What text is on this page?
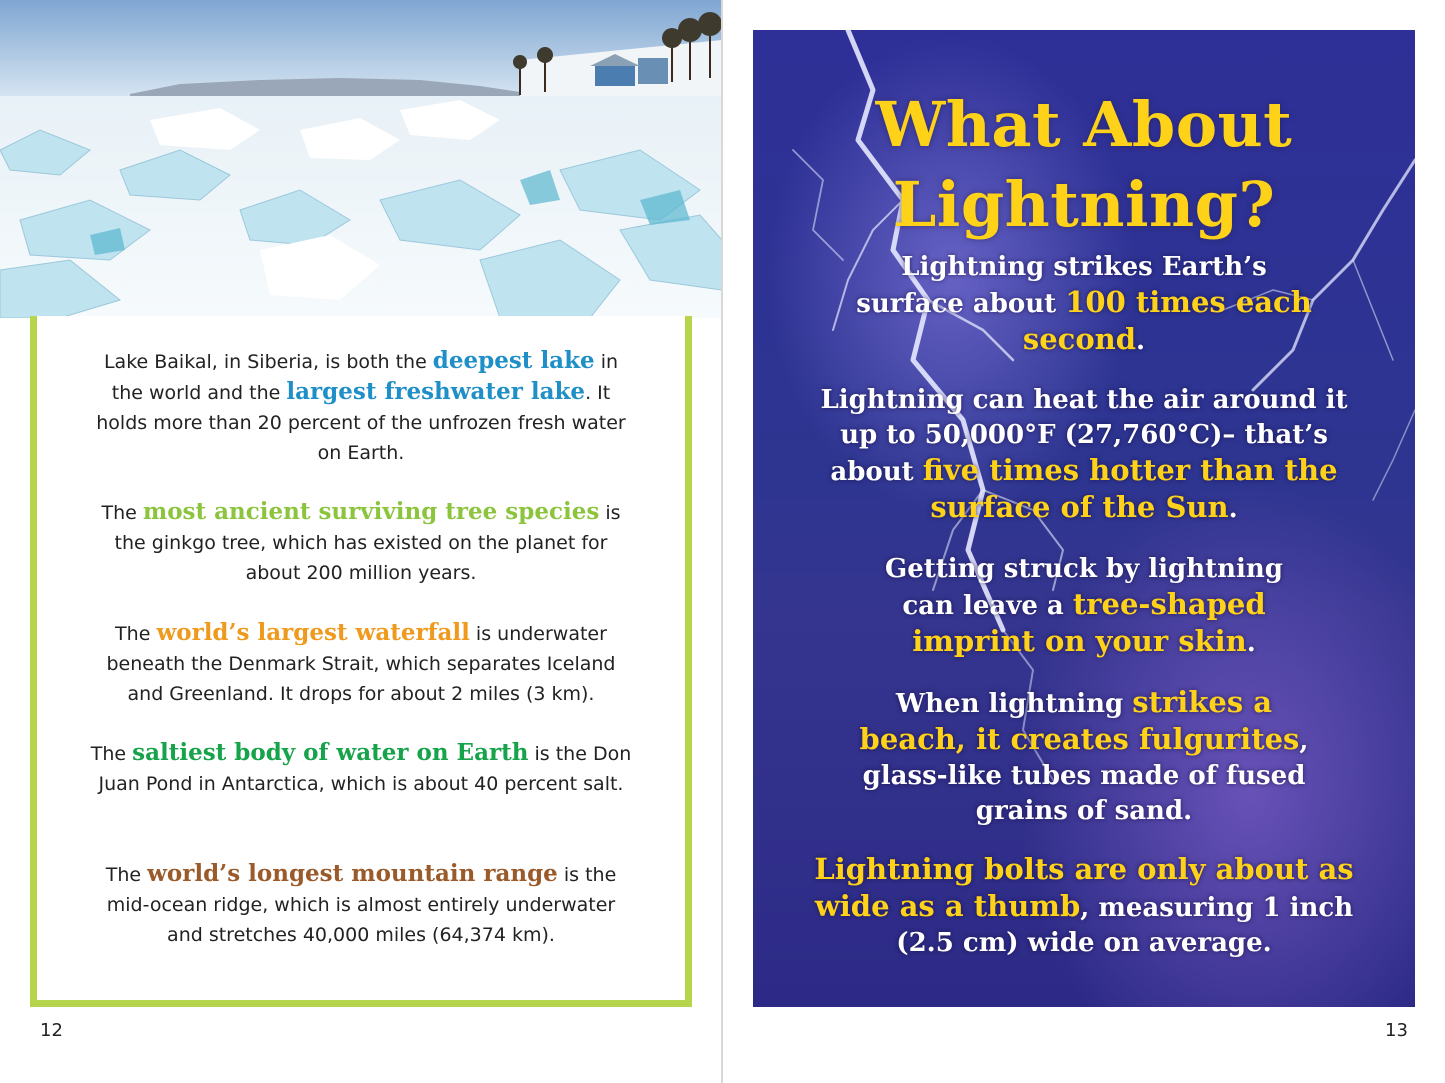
Lake Baikal, in Siberia, is both the deepest lake in the world and the largest freshwater lake. It holds more than 20 percent of the unfrozen fresh water on Earth.
The most ancient surviving tree species is the ginkgo tree, which has existed on the planet for about 200 million years.
The world’s largest waterfall is underwater beneath the Denmark Strait, which separates Iceland and Greenland. It drops for about 2 miles (3 km).
The saltiest body of water on Earth is the Don Juan Pond in Antarctica, which is about 40 percent salt.
The world’s longest mountain range is the mid-ocean ridge, which is almost entirely underwater and stretches 40,000 miles (64,374 km).
12
What About
Lightning?
Lightning strikes Earth’s surface about 100 times each second.
Lightning can heat the air around it up to 50,000°F (27,760°C)– that’s about five times hotter than the surface of the Sun.
Getting struck by lightning can leave a tree-shaped imprint on your skin.
When lightning strikes a beach, it creates fulgurites, glass-like tubes made of fused grains of sand.
Lightning bolts are only about as wide as a thumb, measuring 1 inch (2.5 cm) wide on average.
13
